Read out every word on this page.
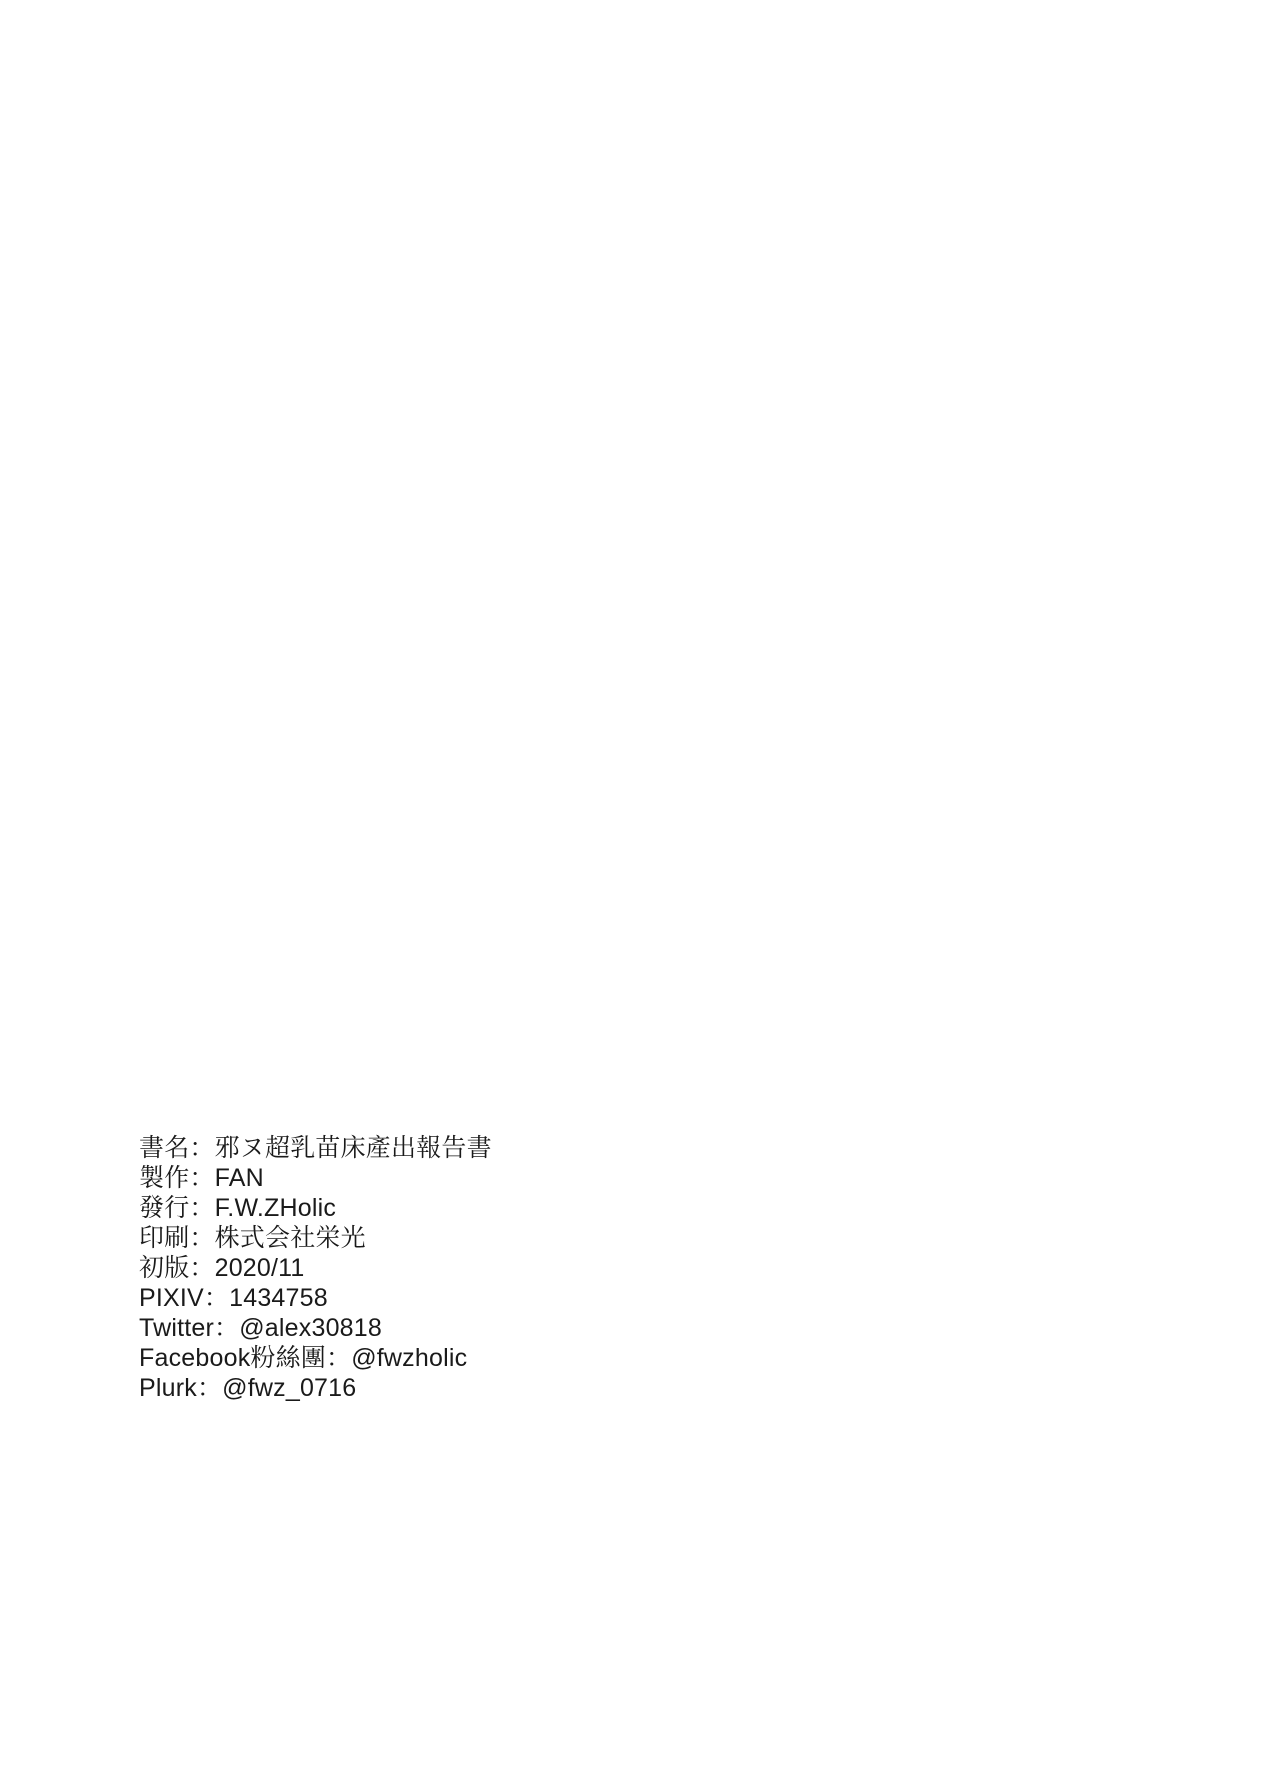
書名：邪ヌ超乳苗床產出報告書
製作：FAN
發行：F.W.ZHolic
印刷：株式会社栄光
初版：2020/11
PIXIV：1434758
Twitter：@alex30818
Facebook粉絲團：@fwzholic
Plurk：@fwz_0716
